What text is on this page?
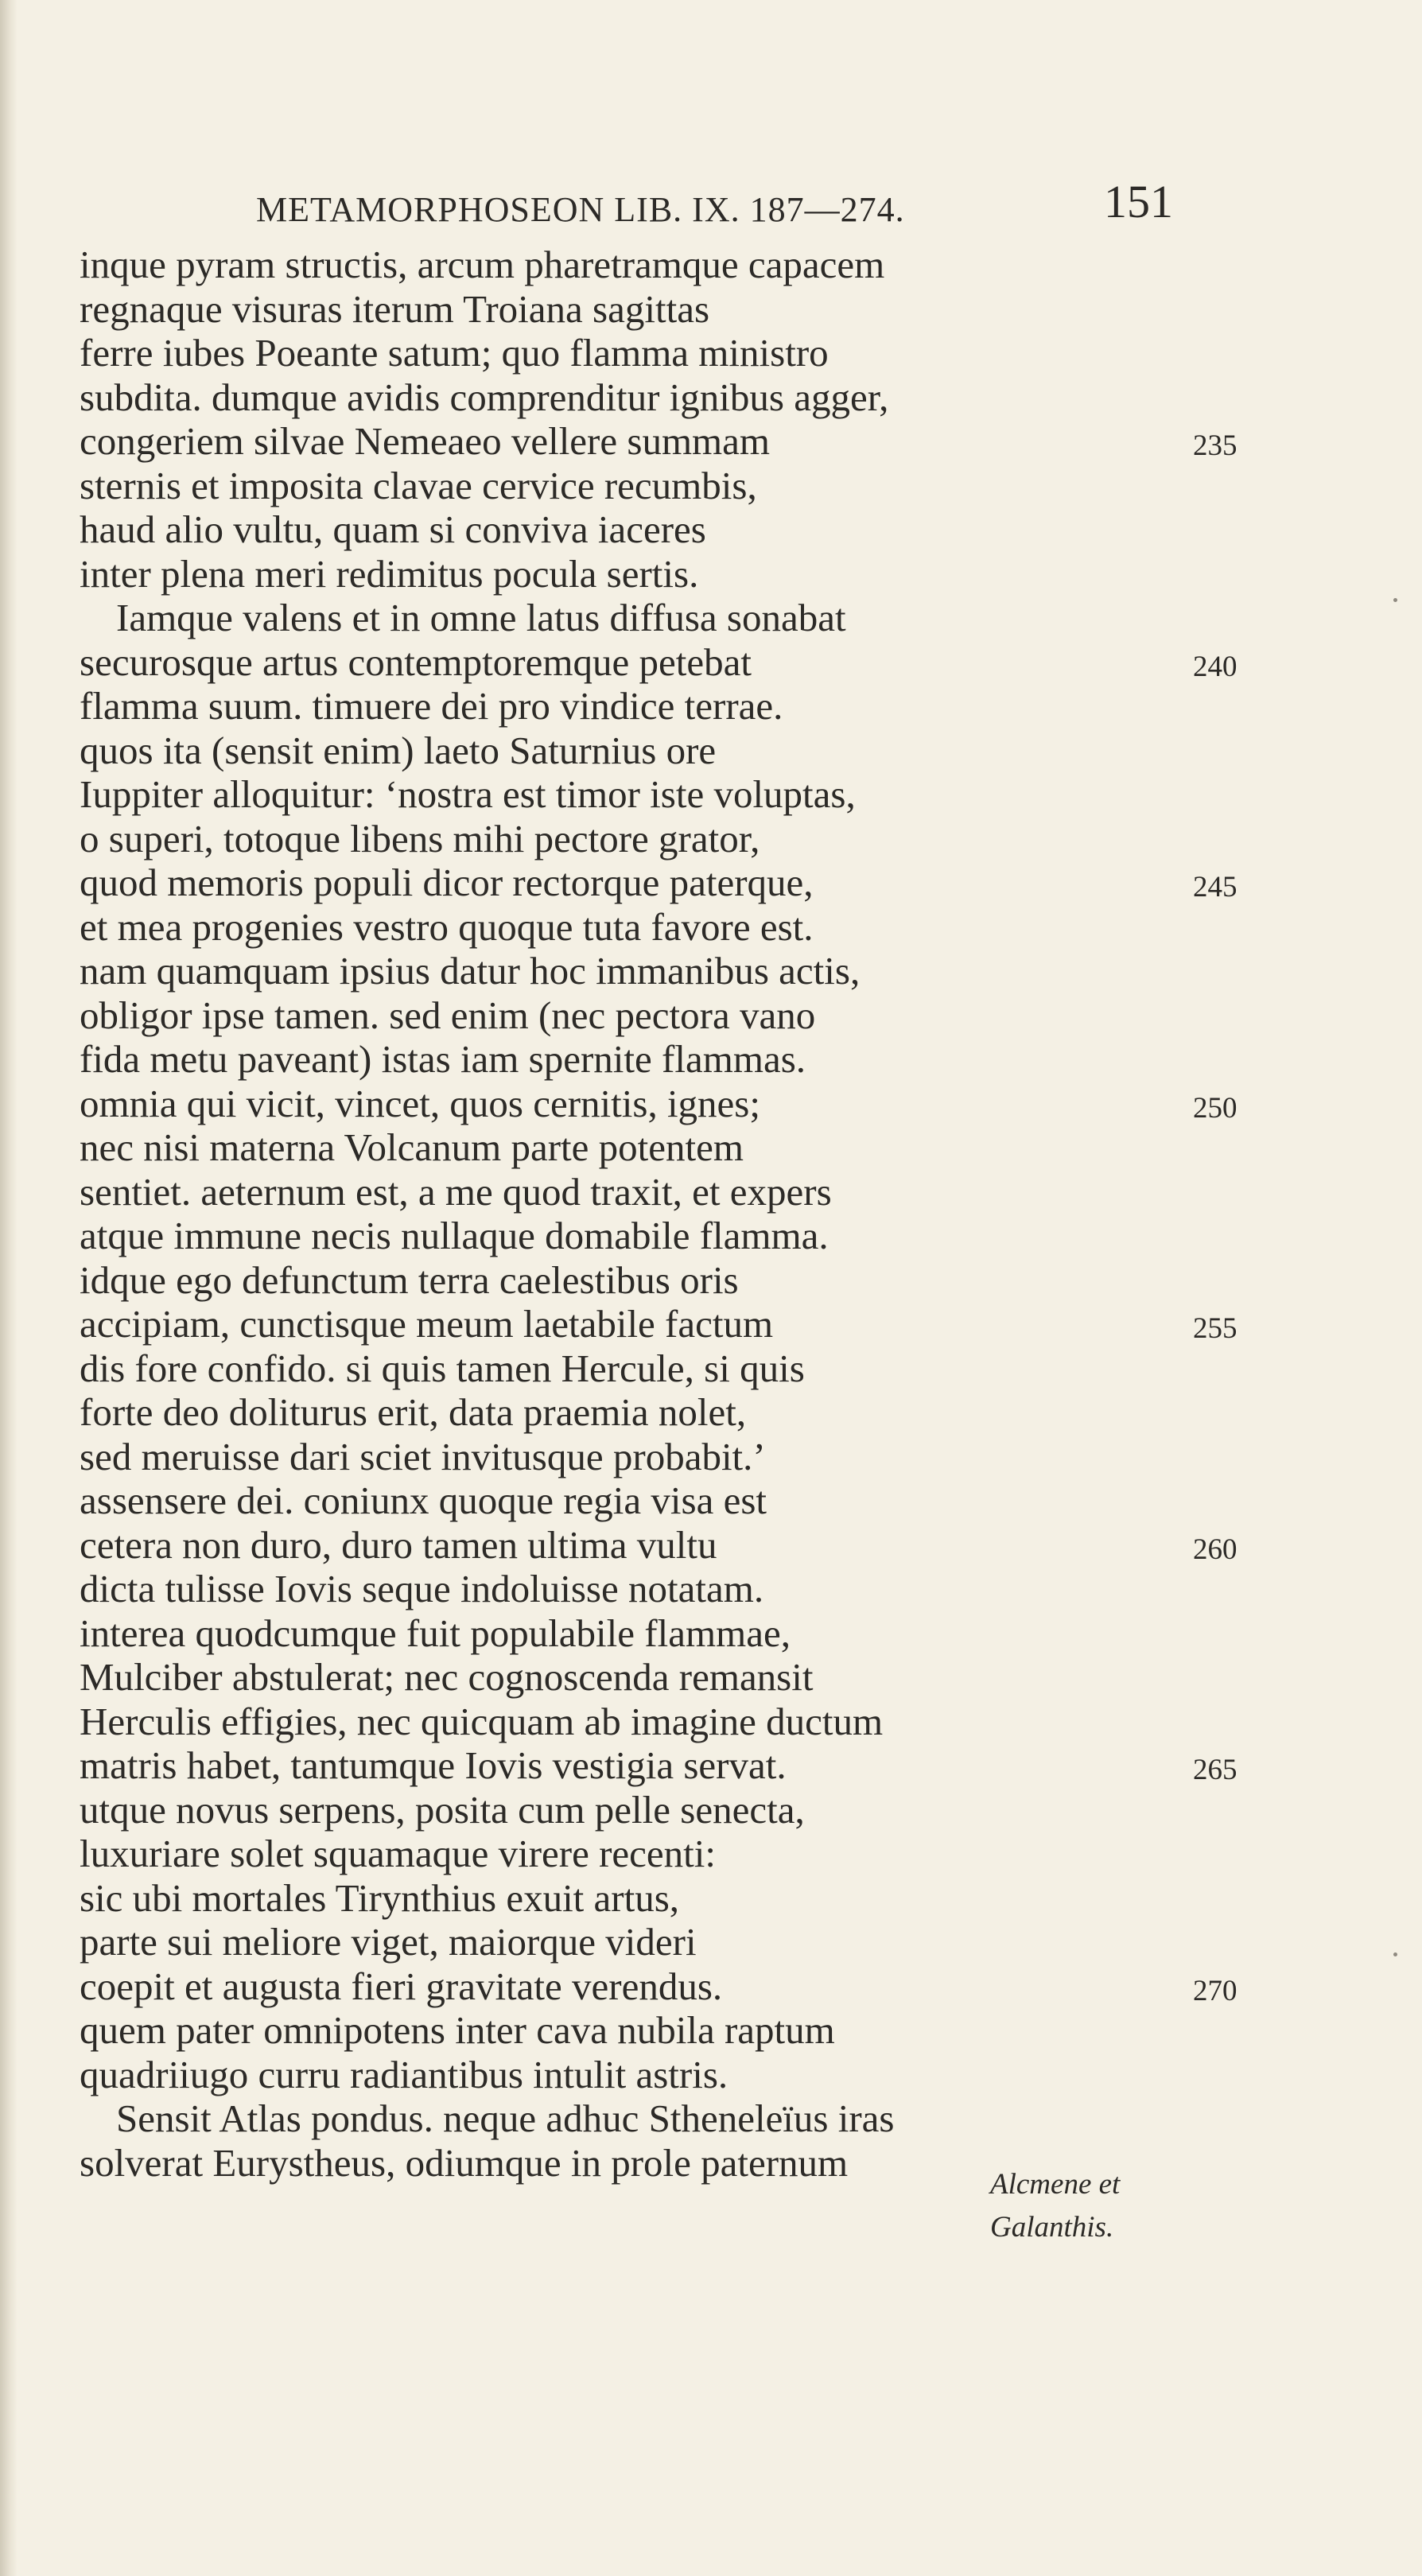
METAMORPHOSEON LIB. IX. 187—274.	151
inque pyram structis, arcum pharetramque capacem
regnaque visuras iterum Troiana sagittas
ferre iubes Poeante satum; quo flamma ministro
subdita. dumque avidis comprenditur ignibus agger,
congeriem silvae Nemeaeo vellere summam	235
sternis et imposita clavae cervice recumbis,
haud alio vultu, quam si conviva iaceres
inter plena meri redimitus pocula sertis.
Iamque valens et in omne latus diffusa sonabat
securosque artus contemptoremque petebat	240
flamma suum. timuere dei pro vindice terrae.
quos ita (sensit enim) laeto Saturnius ore
Iuppiter alloquitur: ‘nostra est timor iste voluptas,
o superi, totoque libens mihi pectore grator,
quod memoris populi dicor rectorque paterque,	245
et mea progenies vestro quoque tuta favore est.
nam quamquam ipsius datur hoc immanibus actis,
obligor ipse tamen. sed enim (nec pectora vano
fida metu paveant) istas iam spernite flammas.
omnia qui vicit, vincet, quos cernitis, ignes;	250
nec nisi materna Volcanum parte potentem
sentiet. aeternum est, a me quod traxit, et expers
atque immune necis nullaque domabile flamma.
idque ego defunctum terra caelestibus oris
accipiam, cunctisque meum laetabile factum	255
dis fore confido. si quis tamen Hercule, si quis
forte deo doliturus erit, data praemia nolet,
sed meruisse dari sciet invitusque probabit.’
assensere dei. coniunx quoque regia visa est
cetera non duro, duro tamen ultima vultu	260
dicta tulisse Iovis seque indoluisse notatam.
interea quodcumque fuit populabile flammae,
Mulciber abstulerat; nec cognoscenda remansit
Herculis effigies, nec quicquam ab imagine ductum
matris habet, tantumque Iovis vestigia servat.	265
utque novus serpens, posita cum pelle senecta,
luxuriare solet squamaque virere recenti:
sic ubi mortales Tirynthius exuit artus,
parte sui meliore viget, maiorque videri
coepit et augusta fieri gravitate verendus.	270
quem pater omnipotens inter cava nubila raptum
quadriiugo curru radiantibus intulit astris.
Sensit Atlas pondus. neque adhuc Stheneleïus iras
solverat Eurystheus, odiumque in prole paternum	Alcmene et
Galanthis.
